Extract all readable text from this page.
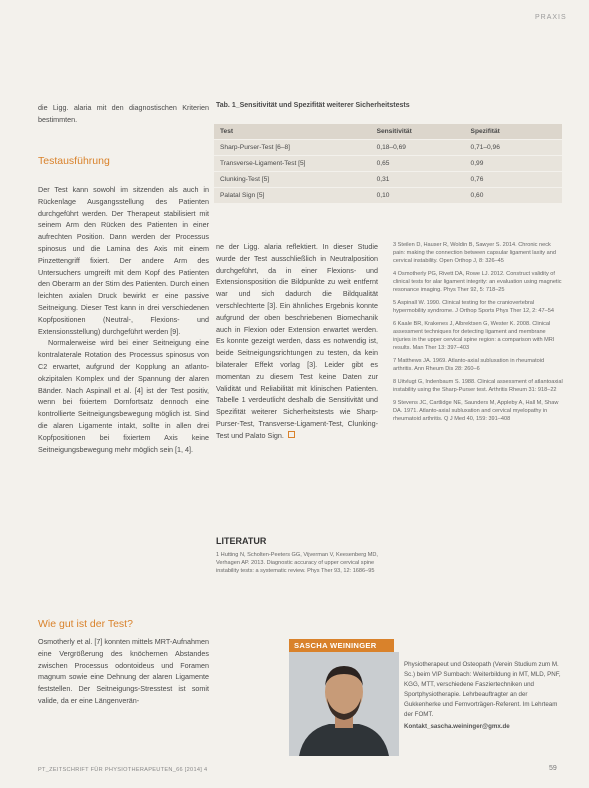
PRAXIS

die Ligg. alaria mit den diagnostischen Kriterien bestimmten.

Testausführung

Der Test kann sowohl im sitzenden als auch in Rückenlage Ausgangsstellung des Patienten durchgeführt werden. Der Therapeut stabilisiert mit seinem Arm den Rücken des Patienten in einer aufrechten Position. Dann werden der Processus spinosus und die Lamina des Axis mit einem Pinzettengriff fixiert. Der andere Arm des Untersuchers umgreift mit dem Kopf des Patienten den Oberarm an der Stirn des Patienten. Durch einen leichten axialen Druck bewirkt er eine passive Seitneigung. Dieser Test kann in drei verschiedenen Kopfpositionen (Neutral-, Flexions- und Extensionsstellung) durchgeführt werden [9].

Normalerweise wird bei einer Seitneigung eine kontralaterale Rotation des Processus spinosus von C2 erwartet, aufgrund der Kopplung an atlanto-okzipitalen Komplex und der Spannung der alaren Bänder. Nach Aspinall et al. [4] ist der Test positiv, wenn bei fixiertem Dornfortsatz dennoch eine kontrollierte Seitneigungsbewegung möglich ist. Sind die alaren Ligamente intakt, sollte in allen drei Kopfpositionen bei fixiertem Axis keine Seitneigungsbewegung mehr möglich sein [1, 4].

Wie gut ist der Test?

Osmotherly et al. [7] konnten mittels MRT-Aufnahmen eine Vergrößerung des knöchernen Abstandes zwischen Processus odontoideus und Foramen magnum sowie eine Dehnung der alaren Ligamente feststellen. Der Seitneigungs-Stresstest ist somit valide, da er eine Längenverän-

Tab. 1_Sensitivität und Spezifität weiterer Sicherheitstests
Test	Sensitivität	Spezifität
Sharp-Purser-Test [6–8]	0,18–0,69	0,71–0,96
Transverse-Ligament-Test [5]	0,65	0,99
Clunking-Test [5]	0,31	0,76
Palatal Sign [5]	0,10	0,60

ne der Ligg. alaria reflektiert. In dieser Studie wurde der Test ausschließlich in Neutralposition durchgeführt, da in einer Flexions- und Extensionsposition die Bildpunkte zu weit entfernt war und sich dadurch die Bildqualität verschlechterte [3]. Ein ähnliches Ergebnis konnte aufgrund der oben beschriebenen Biomechanik auch in Flexion oder Extension erwartet werden. Es konnte gezeigt werden, dass es notwendig ist, beide Seitneigungsrichtungen zu testen, da kein bilateraler Effekt vorlag [3]. Leider gibt es momentan zu diesem Test keine Daten zur Validität und Reliabilität mit klinischen Patienten. Tabelle 1 verdeutlicht deshalb die Sensitivität und Spezifität weiterer Sicherheitstests wie Sharp-Purser-Test, Transverse-Ligament-Test, Clunking-Test und Palato Sign.

LITERATUR
1 Hutting N, Scholten-Peeters GG, Vijverman V, Keesenberg MD, Verhagen AP. 2013. Diagnostic accuracy of upper cervical spine instability tests: a systematic review. Phys Ther 93, 12: 1686–95
3 Steilen D, Hauser R, Woldin B, Sawyer S. 2014. Chronic neck pain: making the connection between capsular ligament laxity and cervical instability. Open Orthop J, 8: 326–45
4 Osmotherly PG, Rivett DA, Rowe LJ. 2012. Construct validity of clinical tests for alar ligament integrity: an evaluation using magnetic resonance imaging. Phys Ther 92, 5: 718–25
5 Aspinall W. 1990. Clinical testing for the craniovertebral hypermobility syndrome. J Orthop Sports Phys Ther 12, 2: 47–54
6 Kaale BR, Krakenes J, Albrektsen G, Wester K. 2008. Clinical assessment techniques for detecting ligament and membrane injuries in the upper cervical spine region: a comparison with MRI results. Man Ther 13: 397–403
7 Matthews JA. 1969. Atlanto-axial subluxation in rheumatoid arthritis. Ann Rheum Dis 28: 260–6
8 Uitvlugt G, Indenbaum S. 1988. Clinical assessment of atlantoaxial instability using the Sharp-Purser test. Arthritis Rheum 31: 918–22
9 Stevens JC, Cartlidge NE, Saunders M, Appleby A, Hall M, Shaw DA. 1971. Atlanto-axial subluxation and cervical myelopathy in rheumatoid arthritis. Q J Med 40, 159: 391–408
SASCHA WEININGER
Physiotherapeut und Osteopath (Verein Studium zum M. Sc.) beim VIP Sumbach: Weiterbildung in MT, MLD, PNF, KGG, MTT, verschiedene Fasziertechniken und Sportphysiotherapie. Lehrbeauftragter an der Gukkenherke und Fernvorträgen-Referent. Im Lehrteam der FOMT.
Kontakt_sascha.weininger@gmx.de
PT_ZEITSCHRIFT FÜR PHYSIOTHERAPEUTEN_66 [2014] 4	59
